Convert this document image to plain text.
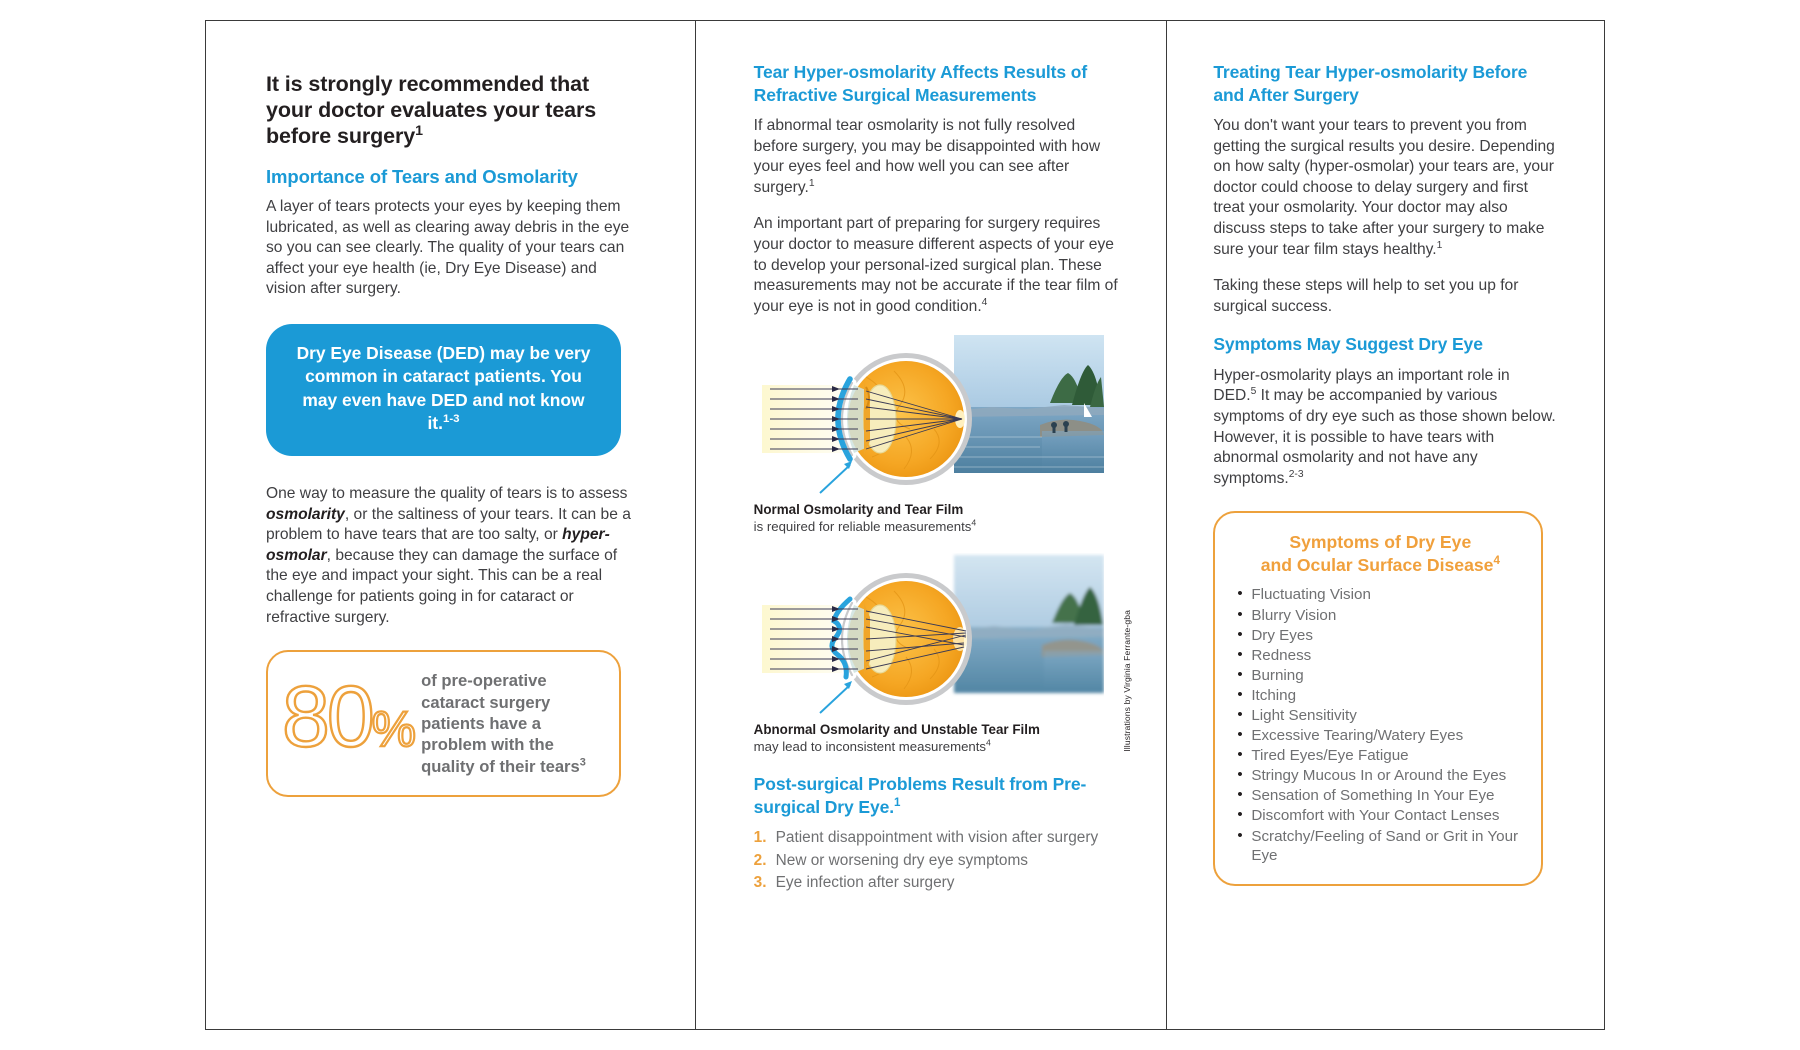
It is strongly recommended that your doctor evaluates your tears before surgery$^1$
Importance of Tears and Osmolarity

A layer of tears protects your eyes by keeping them lubricated, as well as clearing away debris in the eye so you can see clearly. The quality of your tears can affect your eye health (ie, Dry Eye Disease) and vision after surgery.

Dry Eye Disease (DED) may be very common in cataract patients. You may even have DED and not know it.$^{1-3}$

One way to measure the quality of tears is to assess osmolarity, or the saltiness of your tears. It can be a problem to have tears that are too salty, or hyper-osmolar, because they can damage the surface of the eye and impact your sight. This can be a real challenge for patients going in for cataract or refractive surgery.

80%
of pre-operative cataract surgery patients have a problem with the quality of their tears$^3$
Tear Hyper-osmolarity Affects Results of Refractive Surgical Measurements

If abnormal tear osmolarity is not fully resolved before surgery, you may be disappointed with how your eyes feel and how well you can see after surgery.$^1$

An important part of preparing for surgery requires your doctor to measure different aspects of your eye to develop your personal-ized surgical plan. These measurements may not be accurate if the tear film of your eye is not in good condition.$^4$

Normal Osmolarity and Tear Film

is required for reliable measurements$^4$

Illustrations by Virginia Ferrante-gba

Abnormal Osmolarity and Unstable Tear Film

may lead to inconsistent measurements$^4$

Post-surgical Problems Result from Pre-surgical Dry Eye.$^1$
1. Patient disappointment with vision after surgery
2. New or worsening dry eye symptoms
3. Eye infection after surgery
Treating Tear Hyper-osmolarity Before and After Surgery

You don't want your tears to prevent you from getting the surgical results you desire. Depending on how salty (hyper-osmolar) your tears are, your doctor could choose to delay surgery and first treat your osmolarity. Your doctor may also discuss steps to take after your surgery to make sure your tear film stays healthy.$^1$

Taking these steps will help to set you up for surgical success.

Symptoms May Suggest Dry Eye

Hyper-osmolarity plays an important role in DED.$^5$ It may be accompanied by various symptoms of dry eye such as those shown below. However, it is possible to have tears with abnormal osmolarity and not have any symptoms.$^{2-3}$

Symptoms of Dry Eye
and Ocular Surface Disease$^4$

• Fluctuating Vision
• Blurry Vision
• Dry Eyes
• Redness
• Burning
• Itching
• Light Sensitivity
• Excessive Tearing/Watery Eyes
• Tired Eyes/Eye Fatigue
• Stringy Mucous In or Around the Eyes
• Sensation of Something In Your Eye
• Discomfort with Your Contact Lenses
• Scratchy/Feeling of Sand or Grit in Your Eye
